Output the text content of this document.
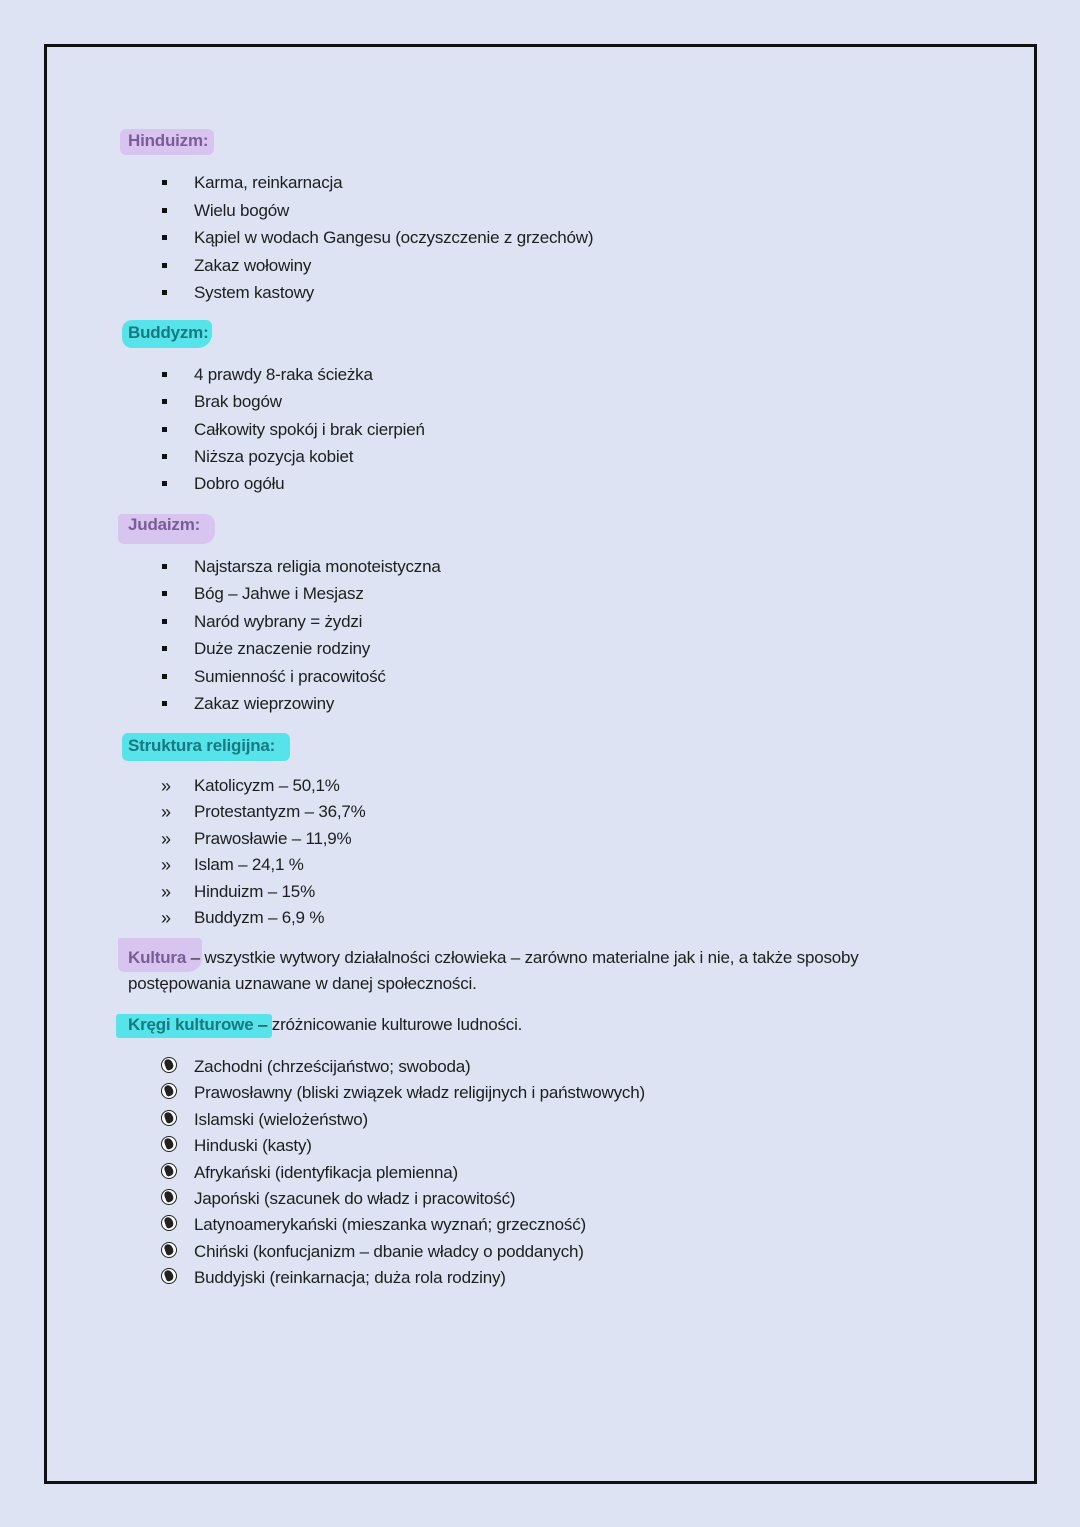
Hinduizm:
Karma, reinkarnacja
Wielu bogów
Kąpiel w wodach Gangesu (oczyszczenie z grzechów)
Zakaz wołowiny
System kastowy
Buddyzm:
4 prawdy 8-raka ścieżka
Brak bogów
Całkowity spokój i brak cierpień
Niższa pozycja kobiet
Dobro ogółu
Judaizm:
Najstarsza religia monoteistyczna
Bóg – Jahwe i Mesjasz
Naród wybrany = żydzi
Duże znaczenie rodziny
Sumienność i pracowitość
Zakaz wieprzowiny
Struktura religijna:
» Katolicyzm – 50,1%
» Protestantyzm – 36,7%
» Prawosławie – 11,9%
» Islam – 24,1 %
» Hinduizm – 15%
» Buddyzm – 6,9 %
Kultura – wszystkie wytwory działalności człowieka – zarówno materialne jak i nie, a także sposoby
postępowania uznawane w danej społeczności.
Kręgi kulturowe – zróżnicowanie kulturowe ludności.
Zachodni (chrześcijaństwo; swoboda)
Prawosławny (bliski związek władz religijnych i państwowych)
Islamski (wielożeństwo)
Hinduski (kasty)
Afrykański (identyfikacja plemienna)
Japoński (szacunek do władz i pracowitość)
Latynoamerykański (mieszanka wyznań; grzeczność)
Chiński (konfucjanizm – dbanie władcy o poddanych)
Buddyjski (reinkarnacja; duża rola rodziny)
